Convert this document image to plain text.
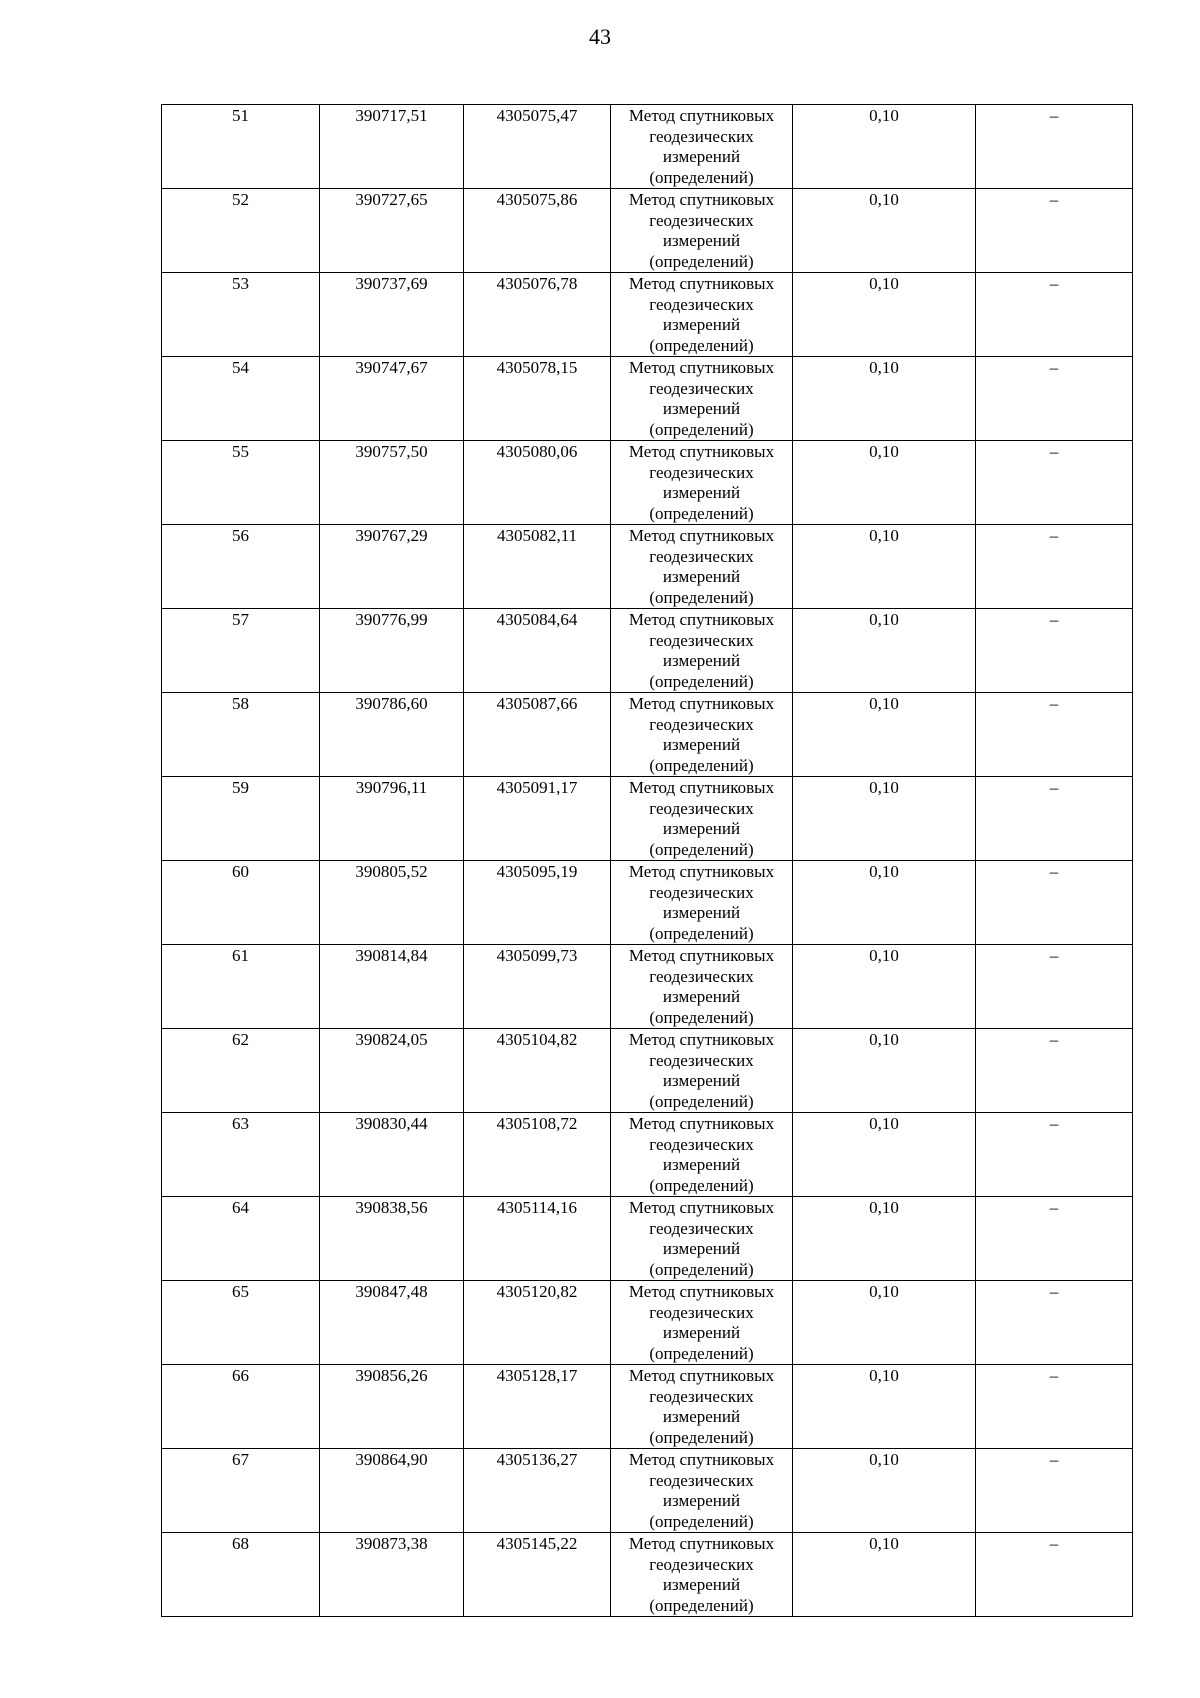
43
51	390717,51	4305075,47	Метод спутниковых геодезических измерений (определений)	0,10	–
52	390727,65	4305075,86	Метод спутниковых геодезических измерений (определений)	0,10	–
53	390737,69	4305076,78	Метод спутниковых геодезических измерений (определений)	0,10	–
54	390747,67	4305078,15	Метод спутниковых геодезических измерений (определений)	0,10	–
55	390757,50	4305080,06	Метод спутниковых геодезических измерений (определений)	0,10	–
56	390767,29	4305082,11	Метод спутниковых геодезических измерений (определений)	0,10	–
57	390776,99	4305084,64	Метод спутниковых геодезических измерений (определений)	0,10	–
58	390786,60	4305087,66	Метод спутниковых геодезических измерений (определений)	0,10	–
59	390796,11	4305091,17	Метод спутниковых геодезических измерений (определений)	0,10	–
60	390805,52	4305095,19	Метод спутниковых геодезических измерений (определений)	0,10	–
61	390814,84	4305099,73	Метод спутниковых геодезических измерений (определений)	0,10	–
62	390824,05	4305104,82	Метод спутниковых геодезических измерений (определений)	0,10	–
63	390830,44	4305108,72	Метод спутниковых геодезических измерений (определений)	0,10	–
64	390838,56	4305114,16	Метод спутниковых геодезических измерений (определений)	0,10	–
65	390847,48	4305120,82	Метод спутниковых геодезических измерений (определений)	0,10	–
66	390856,26	4305128,17	Метод спутниковых геодезических измерений (определений)	0,10	–
67	390864,90	4305136,27	Метод спутниковых геодезических измерений (определений)	0,10	–
68	390873,38	4305145,22	Метод спутниковых геодезических измерений (определений)	0,10	–
